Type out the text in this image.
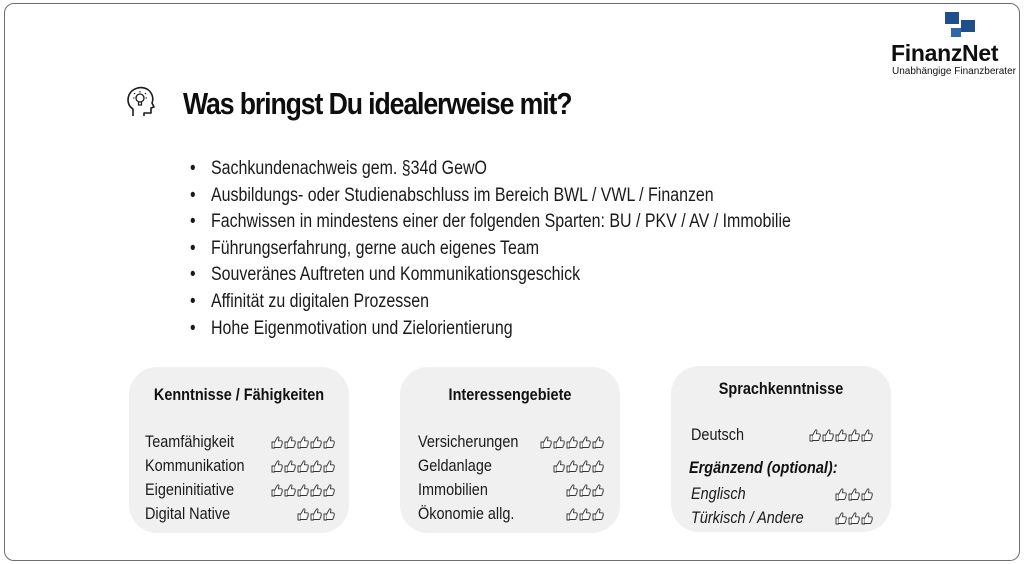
FinanzNet
Unabhängige Finanzberater
Was bringst Du idealerweise mit?
• Sachkundenachweis gem. §34d GewO
• Ausbildungs- oder Studienabschluss im Bereich BWL / VWL / Finanzen
• Fachwissen in mindestens einer der folgenden Sparten: BU / PKV / AV / Immobilie
• Führungserfahrung, gerne auch eigenes Team
• Souveränes Auftreten und Kommunikationsgeschick
• Affinität zu digitalen Prozessen
• Hohe Eigenmotivation und Zielorientierung
Kenntnisse / Fähigkeiten
Teamfähigkeit
Kommunikation
Eigeninitiative
Digital Native
Interessengebiete
Versicherungen
Geldanlage
Immobilien
Ökonomie allg.
Sprachkenntnisse
Deutsch
Ergänzend (optional):
Englisch
Türkisch / Andere
